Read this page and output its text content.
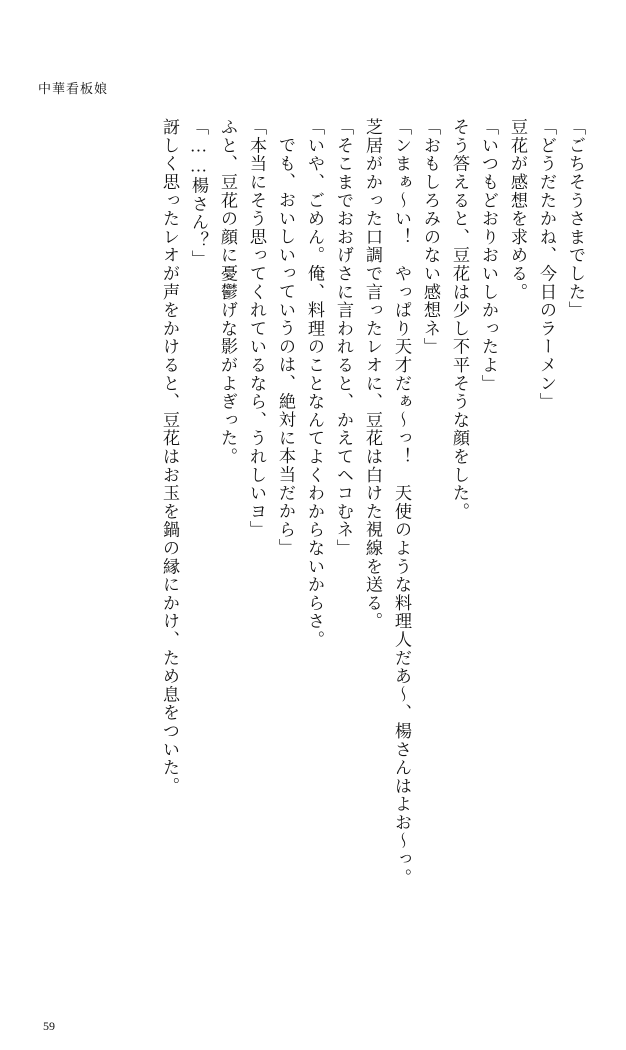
中華看板娘
「ごちそうさまでした」
「どうだたかね、今日のラーメン」
豆花が感想を求める。
「いつもどおりおいしかったよ」
そう答えると、豆花は少し不平そうな顔をした。
「おもしろみのない感想ネ」
「ンまぁ～い！　やっぱり天才だぁ～っ！　天使のような料理人だあ～、楊さんはよお～っ。
芝居がかった口調で言ったレオに、豆花は白けた視線を送る。
「そこまでおおげさに言われると、かえてヘコむネ」
「いや、ごめん。俺、料理のことなんてよくわからないからさ。
でも、おいしいっていうのは、絶対に本当だから」
「本当にそう思ってくれているなら、うれしいヨ」
ふと、豆花の顔に憂鬱げな影がよぎった。
「……楊さん？」
訝しく思ったレオが声をかけると、豆花はお玉を鍋の縁にかけ、ため息をついた。
59
